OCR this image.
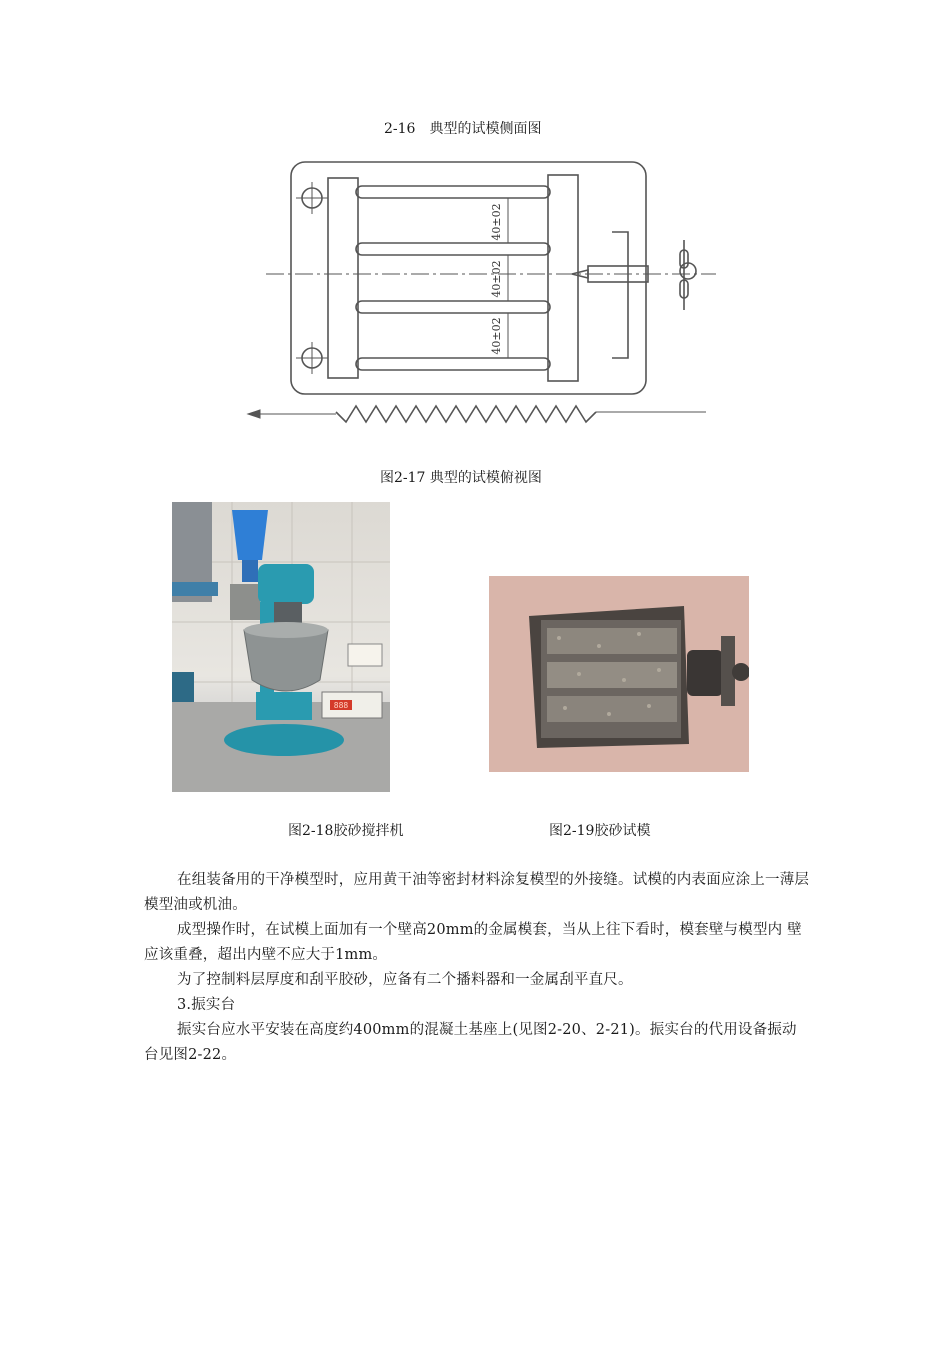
2-16　典型的试模侧面图
40±02
40±02
40±02
图2-17 典型的试模俯视图
888
图2-18胶砂搅拌机	图2-19胶砂试模
在组装备用的干净模型时，应用黄干油等密封材料涂复模型的外接缝。试模的内表面应涂上一薄层模型油或机油。
成型操作时，在试模上面加有一个壁高20mm的金属模套，当从上往下看时，模套壁与模型内 壁应该重叠，超出内壁不应大于1mm。
为了控制料层厚度和刮平胶砂，应备有二个播料器和一金属刮平直尺。
3.振实台
振实台应水平安装在高度约400mm的混凝土基座上(见图2-20、2-21)。振实台的代用设备振动台见图2-22。
